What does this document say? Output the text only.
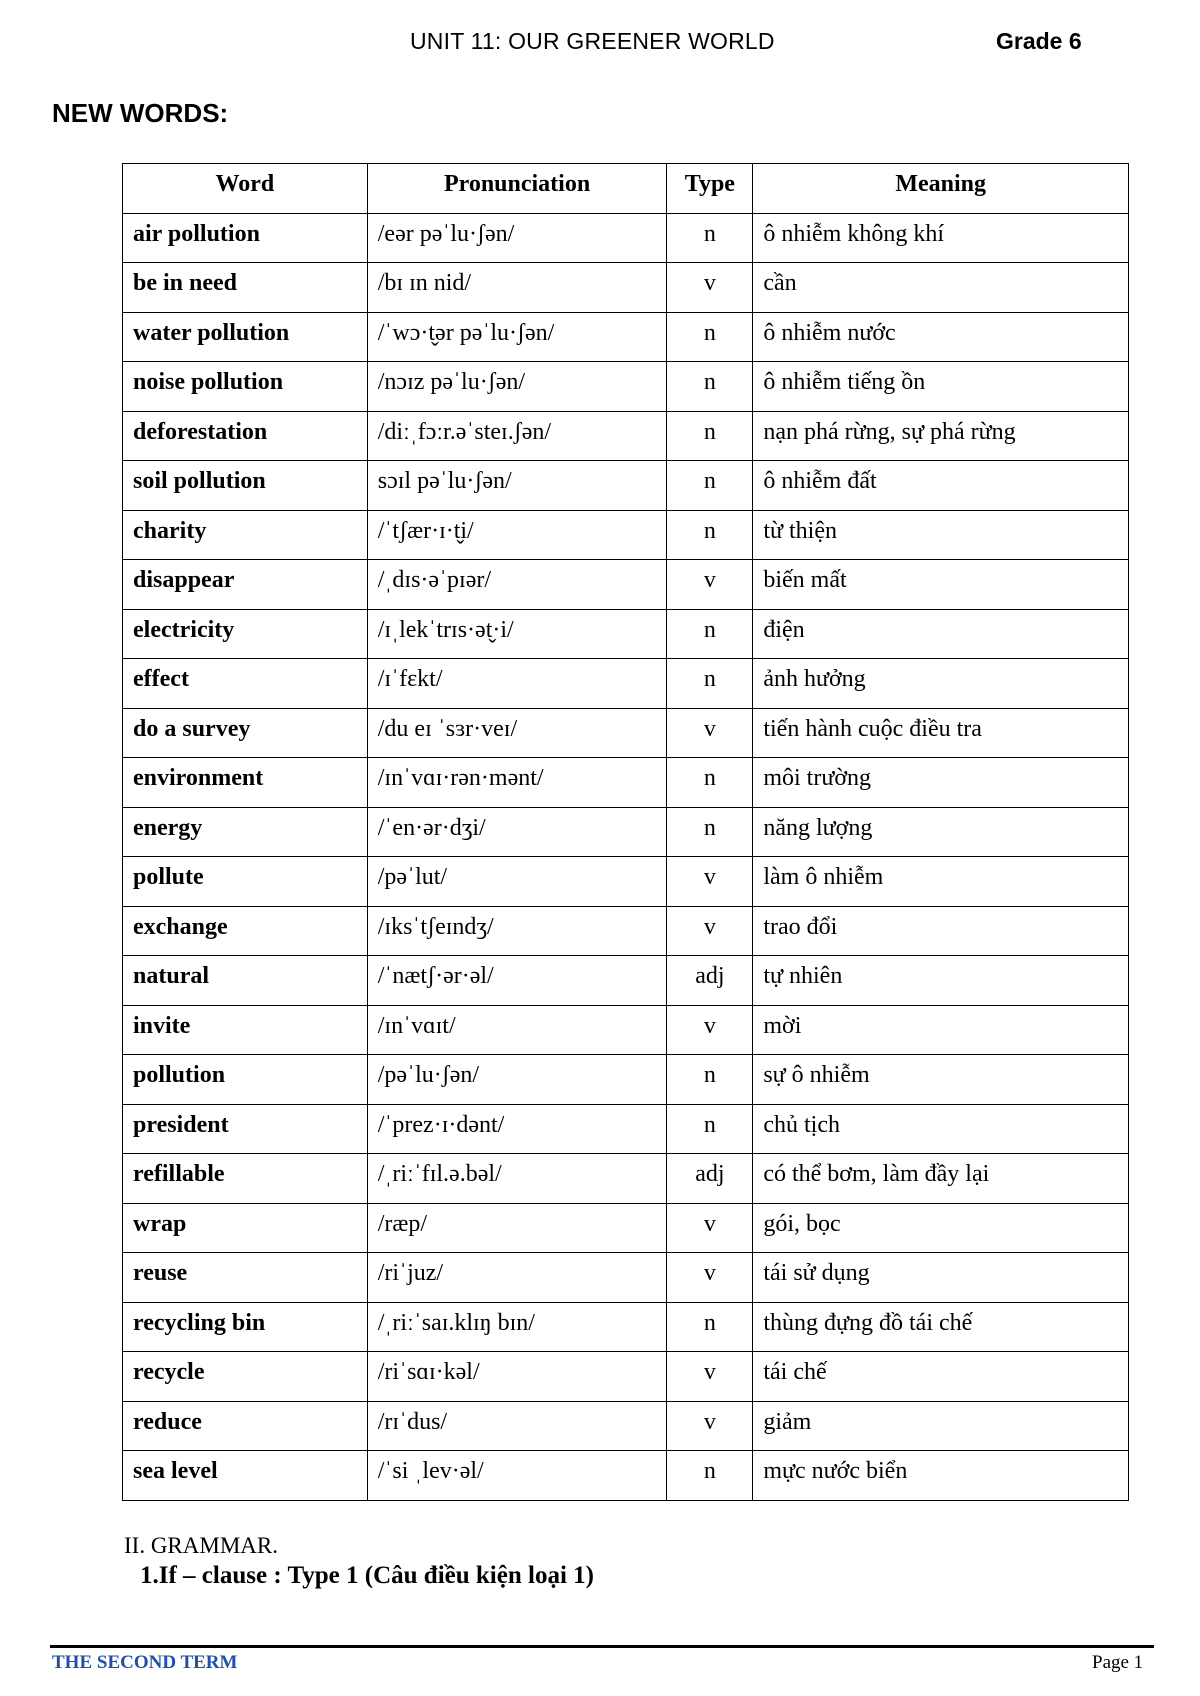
UNIT 11: OUR GREENER WORLD	Grade 6
NEW WORDS:
Word	Pronunciation	Type	Meaning
air pollution	/eər pəˈlu·ʃən/	n	ô nhiễm không khí
be in need	/bɪ ɪn nid/	v	cần
water pollution	/ˈwɔ·t̬ər pəˈlu·ʃən/	n	ô nhiễm nước
noise pollution	/nɔɪz pəˈlu·ʃən/	n	ô nhiễm tiếng ồn
deforestation	/diːˌfɔːr.əˈsteɪ.ʃən/	n	nạn phá rừng, sự phá rừng
soil pollution	sɔɪl pəˈlu·ʃən/	n	ô nhiễm đất
charity	/ˈtʃær·ɪ·t̬i/	n	từ thiện
disappear	/ˌdɪs·əˈpɪər/	v	biến mất
electricity	/ɪˌlekˈtrɪs·ət̬·i/	n	điện
effect	/ɪˈfɛkt/	n	ảnh hưởng
do a survey	/du eɪ ˈsɜr·veɪ/	v	tiến hành cuộc điều tra
environment	/ɪnˈvɑɪ·rən·mənt/	n	môi trường
energy	/ˈen·ər·dʒi/	n	năng lượng
pollute	/pəˈlut/	v	làm ô nhiễm
exchange	/ɪksˈtʃeɪndʒ/	v	trao đổi
natural	/ˈnætʃ·ər·əl/	adj	tự nhiên
invite	/ɪnˈvɑɪt/	v	mời
pollution	/pəˈlu·ʃən/	n	sự ô nhiễm
president	/ˈprez·ɪ·dənt/	n	chủ tịch
refillable	/ˌriːˈfɪl.ə.bəl/	adj	có thể bơm, làm đầy lại
wrap	/ræp/	v	gói, bọc
reuse	/riˈjuz/	v	tái sử dụng
recycling bin	/ˌriːˈsaɪ.klɪŋ bɪn/	n	thùng đựng đồ tái chế
recycle	/riˈsɑɪ·kəl/	v	tái chế
reduce	/rɪˈdus/	v	giảm
sea level	/ˈsi ˌlev·əl/	n	mực nước biển
II. GRAMMAR.
1.If – clause : Type 1 (Câu điều kiện loại 1)
THE SECOND TERM	Page 1
